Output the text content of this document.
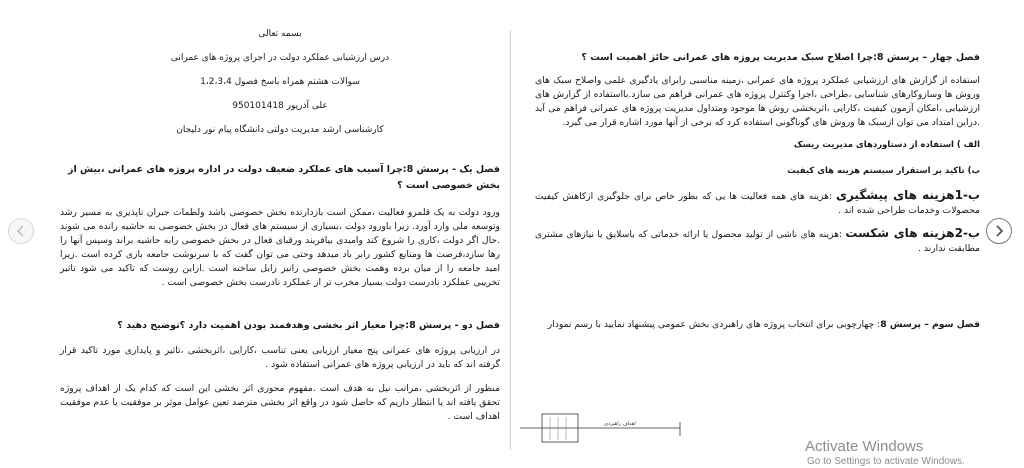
بسمه تعالی
درس ارزشیابی عملکرد دولت در اجرای پروژه های عمرانی
سوالات هشتم همراه باسخ فصول 1،2،3،4
علی آذرپور 950101418
کارشناسی ارشد مدیریت دولتی دانشگاه پیام نور دلیجان
فصل یک - پرسش 8:چرا آسیب های عملکرد ضعیف دولت در اداره پروژه های عمرانی ،بیش از بخش خصوصی است ؟

ورود دولت به یک قلمرو فعالیت ،ممکن است بازدارنده بخش خصوصی باشد ولطمات جبران ناپذیری به مسیر رشد وتوسعه ملی وارد آورد. زیرا باورود دولت ،بسیاری از سیستم های فعال در بخش خصوصی به حاشیه رانده می شوند .حال اگر دولت ،کاری را شروع کند وامیدی بیافریند ورقبای فعال در بخش خصوصی رابه حاشیه براند وسپس آنها را رها سازد،فرصت ها ومنابع کشور رابر باد میدهد وحتی می توان گفت که با سرنوشت جامعه بازی کرده است .زیرا امید جامعه را از میان برده وهمت بخش خصوصی رانیز زایل ساخته است .ازاین روست که تاکید می شود تاثیر تخریبی عملکرد نادرست دولت بسیار مخرب تر از عملکرد نادرست بخش خصوصی است .

فصل دو - پرسش 8:چرا معیار اثر بخشی وهدفمند بودن اهمیت دارد ؟توضیح دهید ؟

در ارزیابی پروژه های عمرانی پنج معیار ارزیابی یعنی تناسب ،کارایی ،اثربخشی ،تاثیر و پایداری مورد تاکید قرار گرفته اند که باید در ارزیابی پروژه های عمرانی استفاده شود .

منظور از اثربخشی ،مراتب نیل به هدف است .مفهوم محوری اثر بخشی این است که کدام یک از اهداف پروژه تحقق یافته اند یا انتظار داریم که حاصل شود در واقع اثر بخشی مترصد تعین عوامل موثر بر موفقیت یا عدم موفقیت اهداف است .

فصل چهار – پرسش 8:چرا اصلاح سبک مدیریت پروژه های عمرانی حائز اهمیت است ؟

استفاده از گزارش های ارزشیابی عملکرد پروژه های عمرانی ،زمینه مناسبی رابرای یادگیری علمی واصلاح سبک های وروش ها وسازوکارهای شناسایی ،طراحی ،اجرا وکنترل پروژه های عمرانی فراهم می سازد.بااستفاده از گزارش های ارزشیابی ،امکان آزمون کیفیت ،کارایی ،اثربخشی روش ها موجود ومتداول مدیریت پروژه های عمرانی فراهم می آید .دراین امتداد می توان ازسبک ها وروش های گوناگونی استفاده کرد که برخی از آنها مورد اشاره قرار می گیرد.

الف ) استفاده از دستاوردهای مدیریت ریسک

ب) تاکید بر استقرار سیستم هزینه های کیفیت

ب-1هزینه های پیشگیری :هزینه های همه فعالیت ها یی که بطور خاص برای جلوگیری ازکاهش کیفیت محصولات وخدمات طراحی شده اند .

ب-2هزینه های شکست :هزینه های ناشی از تولید محصول یا ارائه خدماتی که باسلایق یا نیازهای مشتری مطابقت ندارند .

فصل سوم – پرسش 8: چهارچوبی برای انتخاب پروژه های راهبردی بخش عمومی پیشنهاد نمایید با رسم نمودار

اهداف راهبردی
Activate Windows
Go to Settings to activate Windows.
